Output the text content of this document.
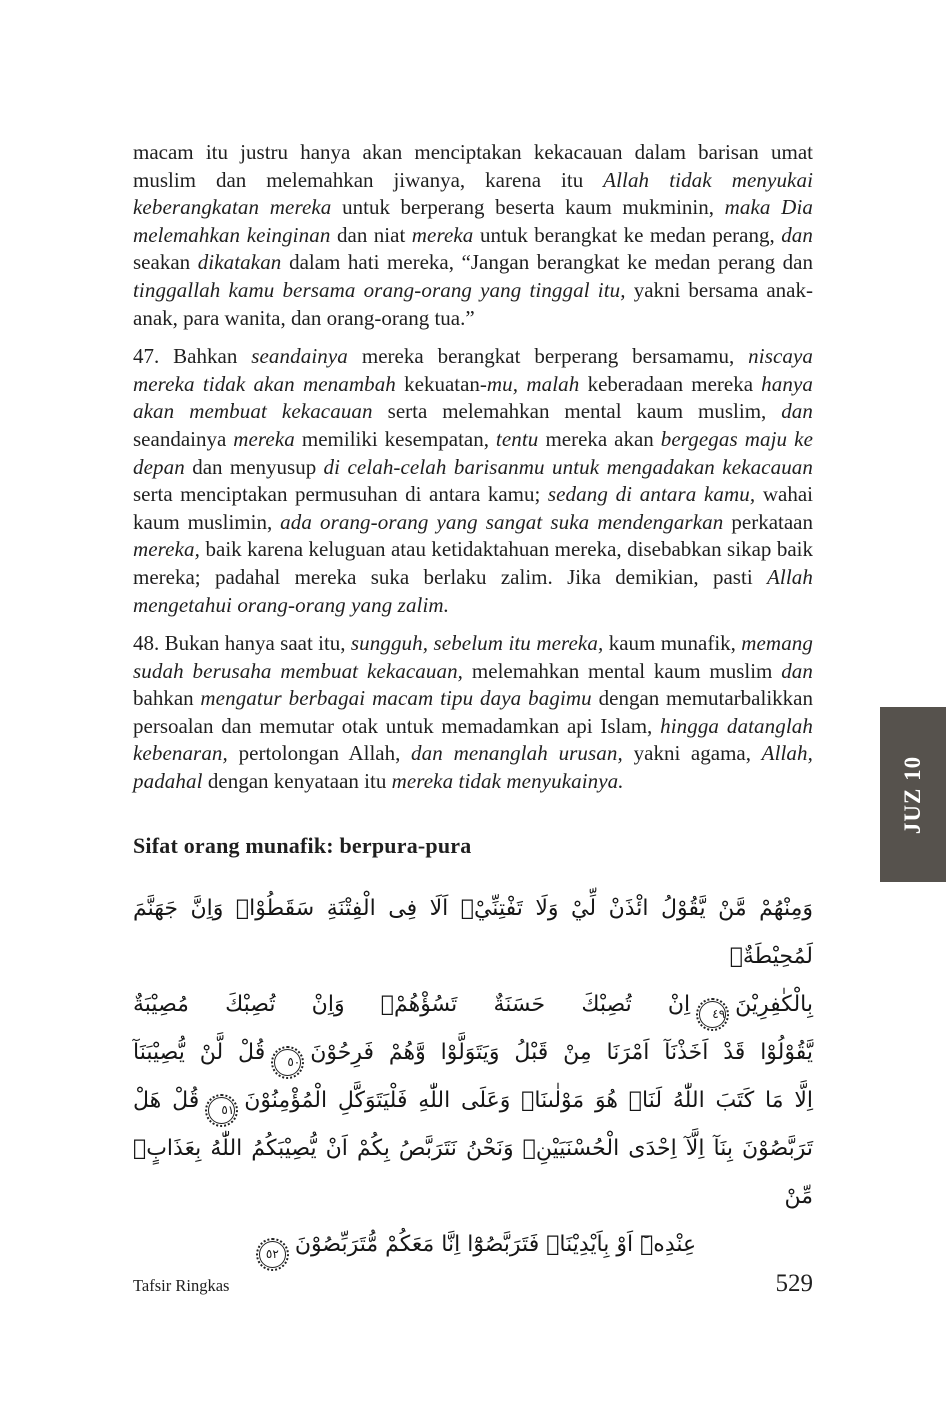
macam itu justru hanya akan menciptakan kekacauan dalam barisan umat muslim dan melemahkan jiwanya, karena itu Allah tidak menyukai keberangkatan mereka untuk berperang beserta kaum mukminin, maka Dia melemahkan keinginan dan niat mereka untuk berangkat ke medan perang, dan seakan dikatakan dalam hati mereka, “Jangan berangkat ke medan perang dan tinggallah kamu bersama orang-orang yang tinggal itu, yakni bersama anak-anak, para wanita, dan orang-orang tua.”

47. Bahkan seandainya mereka berangkat berperang bersamamu, niscaya mereka tidak akan menambah kekuatan-mu, malah keberadaan mereka hanya akan membuat kekacauan serta melemahkan mental kaum muslim, dan seandainya mereka memiliki kesempatan, tentu mereka akan bergegas maju ke depan dan menyusup di celah-celah barisanmu untuk mengadakan kekacauan serta menciptakan permusuhan di antara kamu; sedang di antara kamu, wahai kaum muslimin, ada orang-orang yang sangat suka mendengarkan perkataan mereka, baik karena keluguan atau ketidaktahuan mereka, disebabkan sikap baik mereka; padahal mereka suka berlaku zalim. Jika demikian, pasti Allah mengetahui orang-orang yang zalim.

48. Bukan hanya saat itu, sungguh, sebelum itu mereka, kaum munafik, memang sudah berusaha membuat kekacauan, melemahkan mental kaum muslim dan bahkan mengatur berbagai macam tipu daya bagimu dengan memutarbalikkan persoalan dan memutar otak untuk memadamkan api Islam, hingga datanglah kebenaran, pertolongan Allah, dan menanglah urusan, yakni agama, Allah, padahal dengan kenyataan itu mereka tidak menyukainya.

Sifat orang munafik: berpura-pura
وَمِنْهُمْ مَّنْ يَّقُوْلُ ائْذَنْ لِّيْ وَلَا تَفْتِنِّيْۗ اَلَا فِى الْفِتْنَةِ سَقَطُوْاۗ وَاِنَّ جَهَنَّمَ لَمُحِيْطَةٌۢ
بِالْكٰفِرِيْنَ٤٩اِنْ تُصِبْكَ حَسَنَةٌ تَسُؤْهُمْۚ وَاِنْ تُصِبْكَ مُصِيْبَةٌ
يَّقُوْلُوْا قَدْ اَخَذْنَآ اَمْرَنَا مِنْ قَبْلُ وَيَتَوَلَّوْا وَّهُمْ فَرِحُوْنَ٥٠قُلْ لَّنْ يُّصِيْبَنَآ
اِلَّا مَا كَتَبَ اللّٰهُ لَنَاۚ هُوَ مَوْلٰىنَاۚ وَعَلَى اللّٰهِ فَلْيَتَوَكَّلِ الْمُؤْمِنُوْنَ٥١قُلْ هَلْ
تَرَبَّصُوْنَ بِنَآ اِلَّآ اِحْدَى الْحُسْنَيَيْنِۗ وَنَحْنُ نَتَرَبَّصُ بِكُمْ اَنْ يُّصِيْبَكُمُ اللّٰهُ بِعَذَابٍۢ مِّنْ
عِنْدِهٖٓ اَوْ بِاَيْدِيْنَاۖ فَتَرَبَّصُوْٓا اِنَّا مَعَكُمْ مُّتَرَبِّصُوْنَ٥٢
JUZ 10
Tafsir Ringkas	529
